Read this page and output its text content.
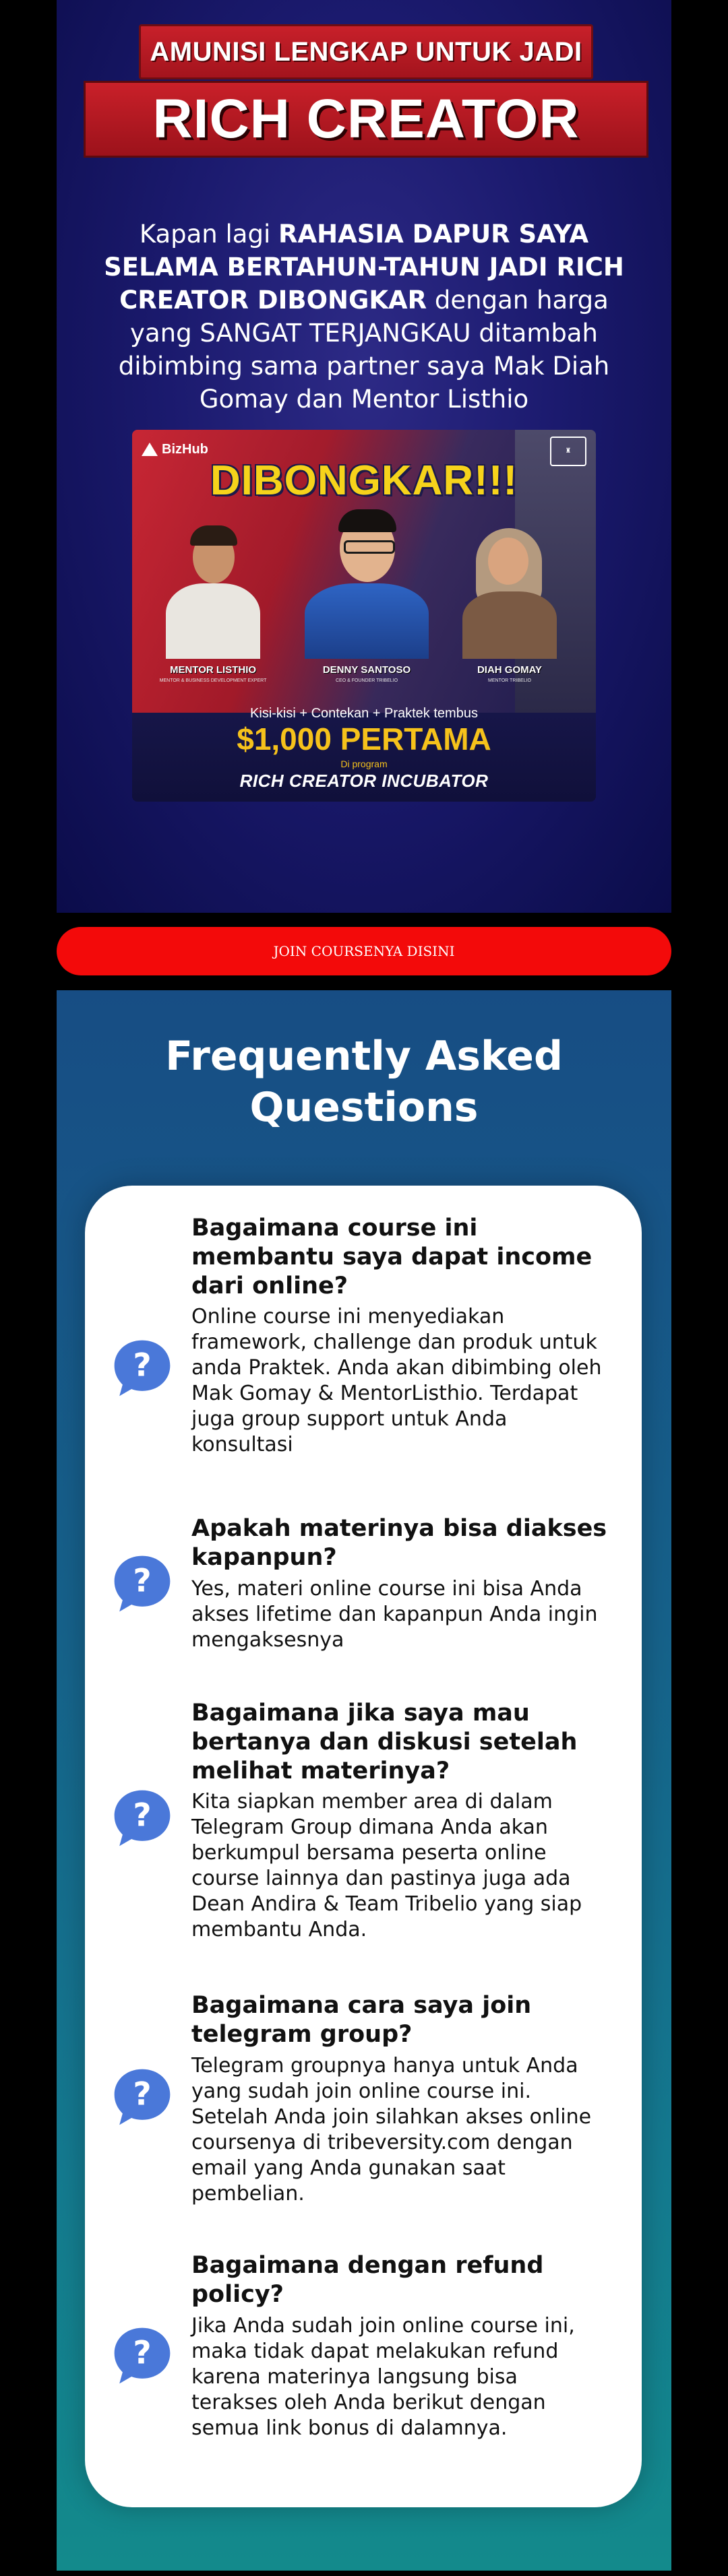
AMUNISI LENGKAP UNTUK JADI
RICH CREATOR

Kapan lagi RAHASIA DAPUR SAYA SELAMA BERTAHUN-TAHUN JADI RICH CREATOR DIBONGKAR dengan harga yang SANGAT TERJANGKAU ditambah dibimbing sama partner saya Mak Diah Gomay dan Mentor Listhio

BizHub	♜
DIBONGKAR!!!
MENTOR LISTHIO
MENTOR & BUSINESS DEVELOPMENT EXPERT
DENNY SANTOSO
CEO & FOUNDER TRIBELIO
DIAH GOMAY
MENTOR TRIBELIO
Kisi-kisi + Contekan + Praktek tembus
$1,000 PERTAMA
Di program
RICH CREATOR INCUBATOR
JOIN COURSENYA DISINI
Frequently Asked Questions
?
Bagaimana course ini membantu saya dapat income dari online?

Online course ini menyediakan framework, challenge dan produk untuk anda Praktek. Anda akan dibimbing oleh Mak Gomay & MentorListhio. Terdapat juga group support untuk Anda konsultasi

?
Apakah materinya bisa diakses kapanpun?

Yes, materi online course ini bisa Anda akses lifetime dan kapanpun Anda ingin mengaksesnya

?
Bagaimana jika saya mau bertanya dan diskusi setelah melihat materinya?

Kita siapkan member area di dalam Telegram Group dimana Anda akan berkumpul bersama peserta online course lainnya dan pastinya juga ada Dean Andira & Team Tribelio yang siap membantu Anda.

?
Bagaimana cara saya join telegram group?

Telegram groupnya hanya untuk Anda yang sudah join online course ini. Setelah Anda join silahkan akses online coursenya di tribeversity.com dengan email yang Anda gunakan saat pembelian.

?
Bagaimana dengan refund policy?

Jika Anda sudah join online course ini, maka tidak dapat melakukan refund karena materinya langsung bisa terakses oleh Anda berikut dengan semua link bonus di dalamnya.
